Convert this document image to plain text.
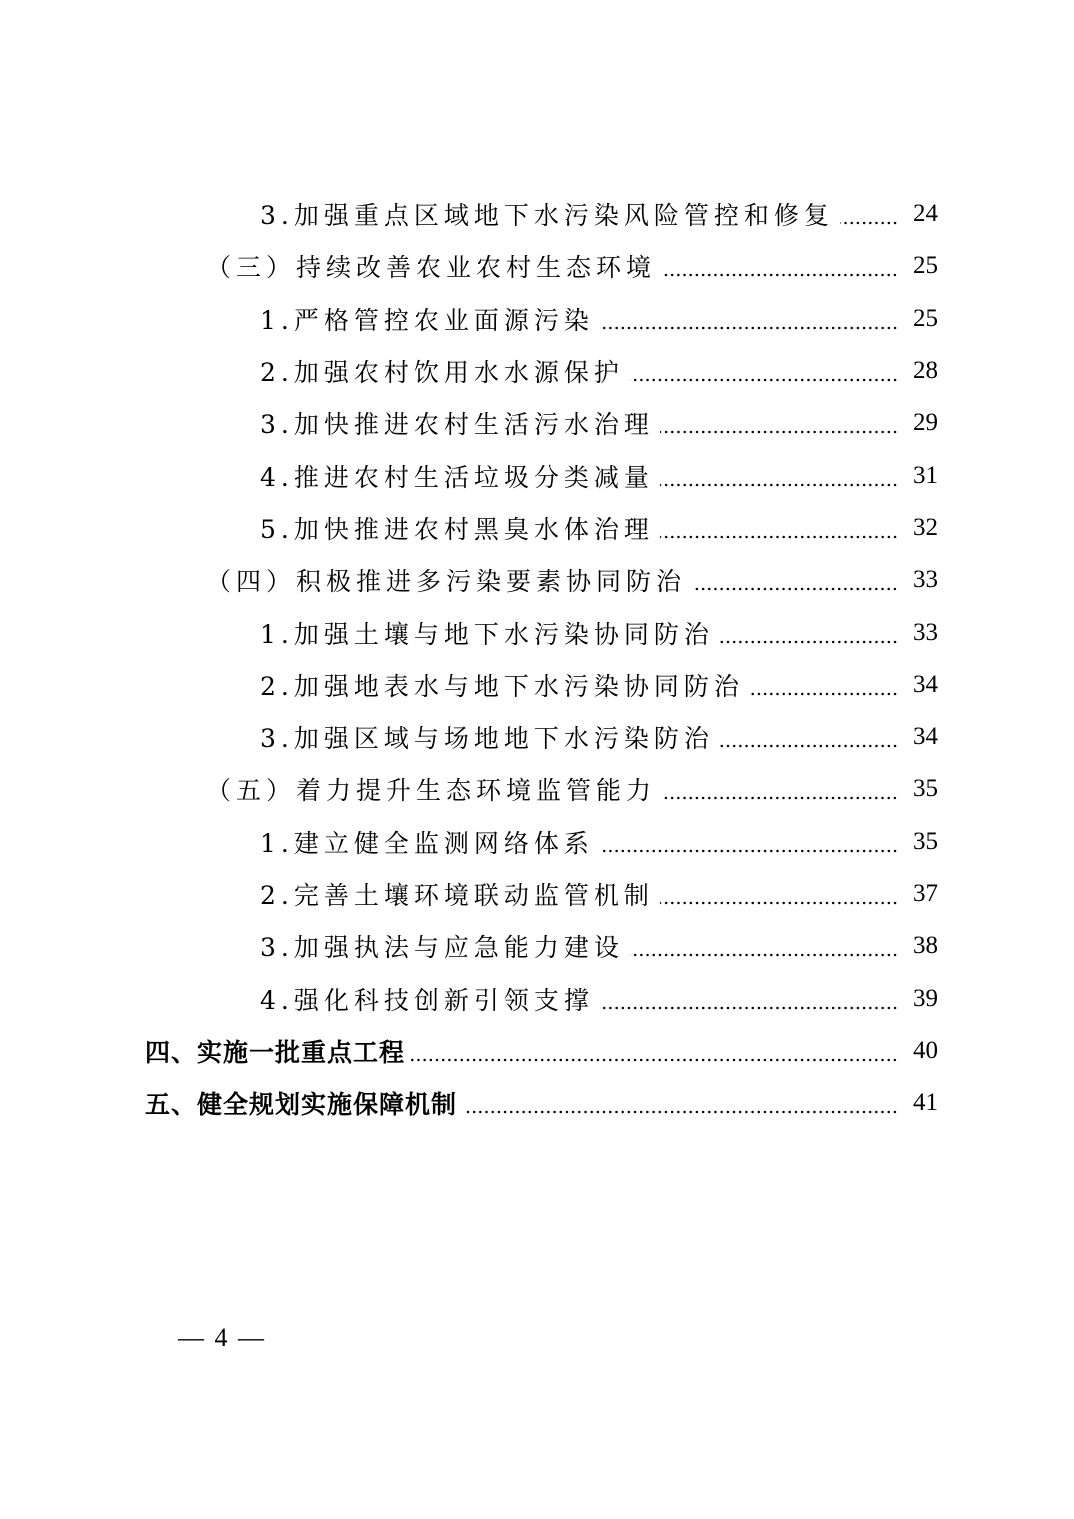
3.加强重点区域地下水污染风险管控和修复	24
（三）持续改善农业农村生态环境	25
1.严格管控农业面源污染	25
2.加强农村饮用水水源保护	28
3.加快推进农村生活污水治理	29
4.推进农村生活垃圾分类减量	31
5.加快推进农村黑臭水体治理	32
（四）积极推进多污染要素协同防治	33
1.加强土壤与地下水污染协同防治	33
2.加强地表水与地下水污染协同防治	34
3.加强区域与场地地下水污染防治	34
（五）着力提升生态环境监管能力	35
1.建立健全监测网络体系	35
2.完善土壤环境联动监管机制	37
3.加强执法与应急能力建设	38
4.强化科技创新引领支撑	39
四、实施一批重点工程	40
五、健全规划实施保障机制	41
— 4 —
